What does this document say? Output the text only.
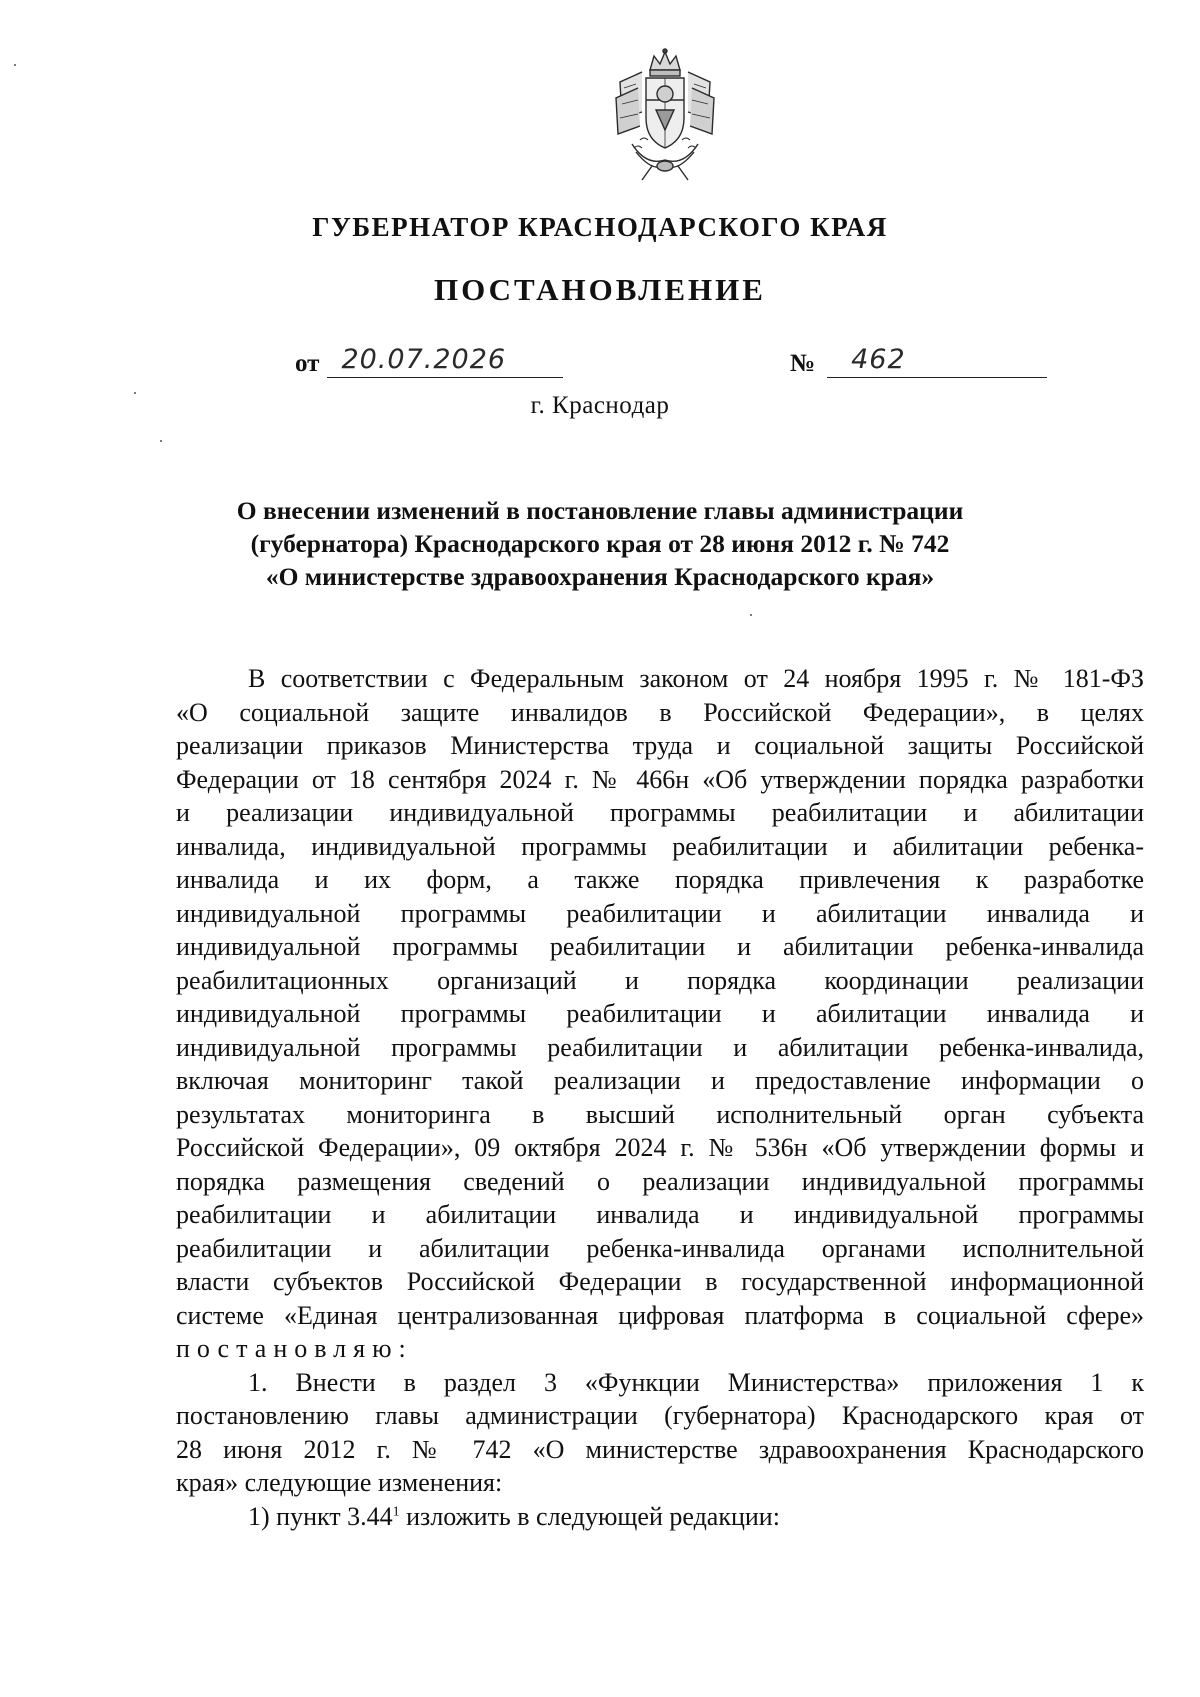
ГУБЕРНАТОР КРАСНОДАРСКОГО КРАЯ
ПОСТАНОВЛЕНИЕ
от 20.07.2026	№	462
г. Краснодар
О внесении изменений в постановление главы администрации
(губернатора) Краснодарского края от 28 июня 2012 г. № 742
«О министерстве здравоохранения Краснодарского края»
В соответствии с Федеральным законом от 24 ноября 1995 г. № 181-ФЗ
«О социальной защите инвалидов в Российской Федерации», в целях
реализации приказов Министерства труда и социальной защиты Российской
Федерации от 18 сентября 2024 г. № 466н «Об утверждении порядка разработки
и реализации индивидуальной программы реабилитации и абилитации
инвалида, индивидуальной программы реабилитации и абилитации ребенка-
инвалида и их форм, а также порядка привлечения к разработке
индивидуальной программы реабилитации и абилитации инвалида и
индивидуальной программы реабилитации и абилитации ребенка-инвалида
реабилитационных организаций и порядка координации реализации
индивидуальной программы реабилитации и абилитации инвалида и
индивидуальной программы реабилитации и абилитации ребенка-инвалида,
включая мониторинг такой реализации и предоставление информации о
результатах мониторинга в высший исполнительный орган субъекта
Российской Федерации», 09 октября 2024 г. № 536н «Об утверждении формы и
порядка размещения сведений о реализации индивидуальной программы
реабилитации и абилитации инвалида и индивидуальной программы
реабилитации и абилитации ребенка-инвалида органами исполнительной
власти субъектов Российской Федерации в государственной информационной
системе «Единая централизованная цифровая платформа в социальной сфере»
постановляю:
1. Внести в раздел 3 «Функции Министерства» приложения 1 к
постановлению главы администрации (губернатора) Краснодарского края от
28 июня 2012 г. № 742 «О министерстве здравоохранения Краснодарского
края» следующие изменения:
1) пункт 3.44$^1$ изложить в следующей редакции:
